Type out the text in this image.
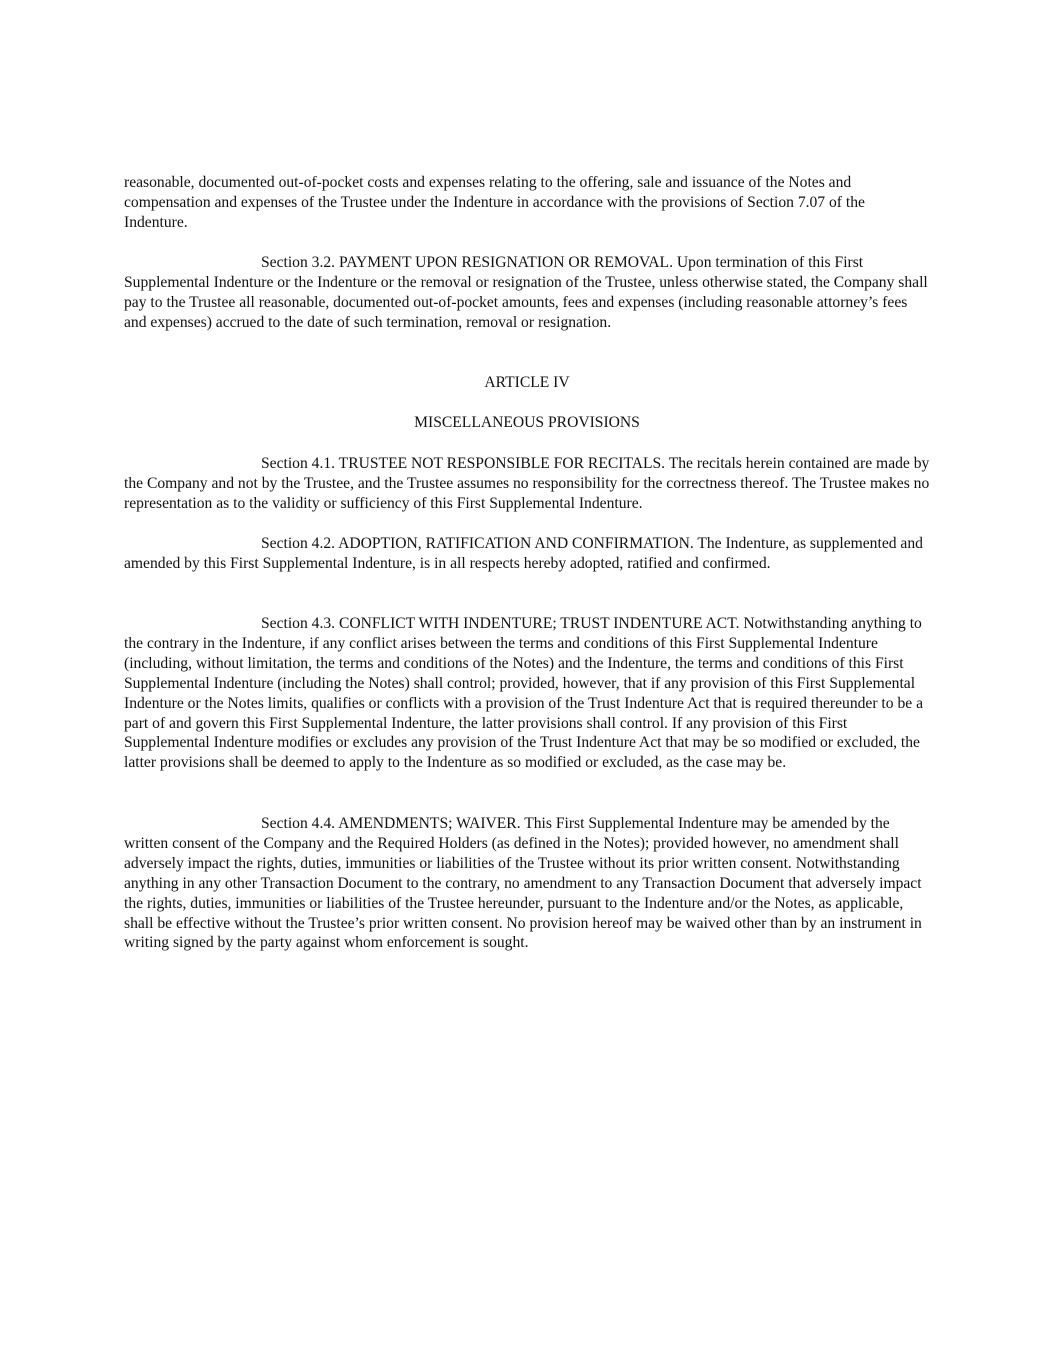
reasonable, documented out-of-pocket costs and expenses relating to the offering, sale and issuance of the Notes and compensation and expenses of the Trustee under the Indenture in accordance with the provisions of Section 7.07 of the Indenture.

Section 3.2. PAYMENT UPON RESIGNATION OR REMOVAL. Upon termination of this First Supplemental Indenture or the Indenture or the removal or resignation of the Trustee, unless otherwise stated, the Company shall pay to the Trustee all reasonable, documented out-of-pocket amounts, fees and expenses (including reasonable attorney’s fees and expenses) accrued to the date of such termination, removal or resignation.

ARTICLE IV

MISCELLANEOUS PROVISIONS

Section 4.1. TRUSTEE NOT RESPONSIBLE FOR RECITALS. The recitals herein contained are made by the Company and not by the Trustee, and the Trustee assumes no responsibility for the correctness thereof. The Trustee makes no representation as to the validity or sufficiency of this First Supplemental Indenture.

Section 4.2. ADOPTION, RATIFICATION AND CONFIRMATION. The Indenture, as supplemented and amended by this First Supplemental Indenture, is in all respects hereby adopted, ratified and confirmed.

Section 4.3. CONFLICT WITH INDENTURE; TRUST INDENTURE ACT. Notwithstanding anything to the contrary in the Indenture, if any conflict arises between the terms and conditions of this First Supplemental Indenture (including, without limitation, the terms and conditions of the Notes) and the Indenture, the terms and conditions of this First Supplemental Indenture (including the Notes) shall control; provided, however, that if any provision of this First Supplemental Indenture or the Notes limits, qualifies or conflicts with a provision of the Trust Indenture Act that is required thereunder to be a part of and govern this First Supplemental Indenture, the latter provisions shall control. If any provision of this First Supplemental Indenture modifies or excludes any provision of the Trust Indenture Act that may be so modified or excluded, the latter provisions shall be deemed to apply to the Indenture as so modified or excluded, as the case may be.

Section 4.4. AMENDMENTS; WAIVER. This First Supplemental Indenture may be amended by the written consent of the Company and the Required Holders (as defined in the Notes); provided however, no amendment shall adversely impact the rights, duties, immunities or liabilities of the Trustee without its prior written consent. Notwithstanding anything in any other Transaction Document to the contrary, no amendment to any Transaction Document that adversely impact the rights, duties, immunities or liabilities of the Trustee hereunder, pursuant to the Indenture and/or the Notes, as applicable, shall be effective without the Trustee’s prior written consent. No provision hereof may be waived other than by an instrument in writing signed by the party against whom enforcement is sought.
